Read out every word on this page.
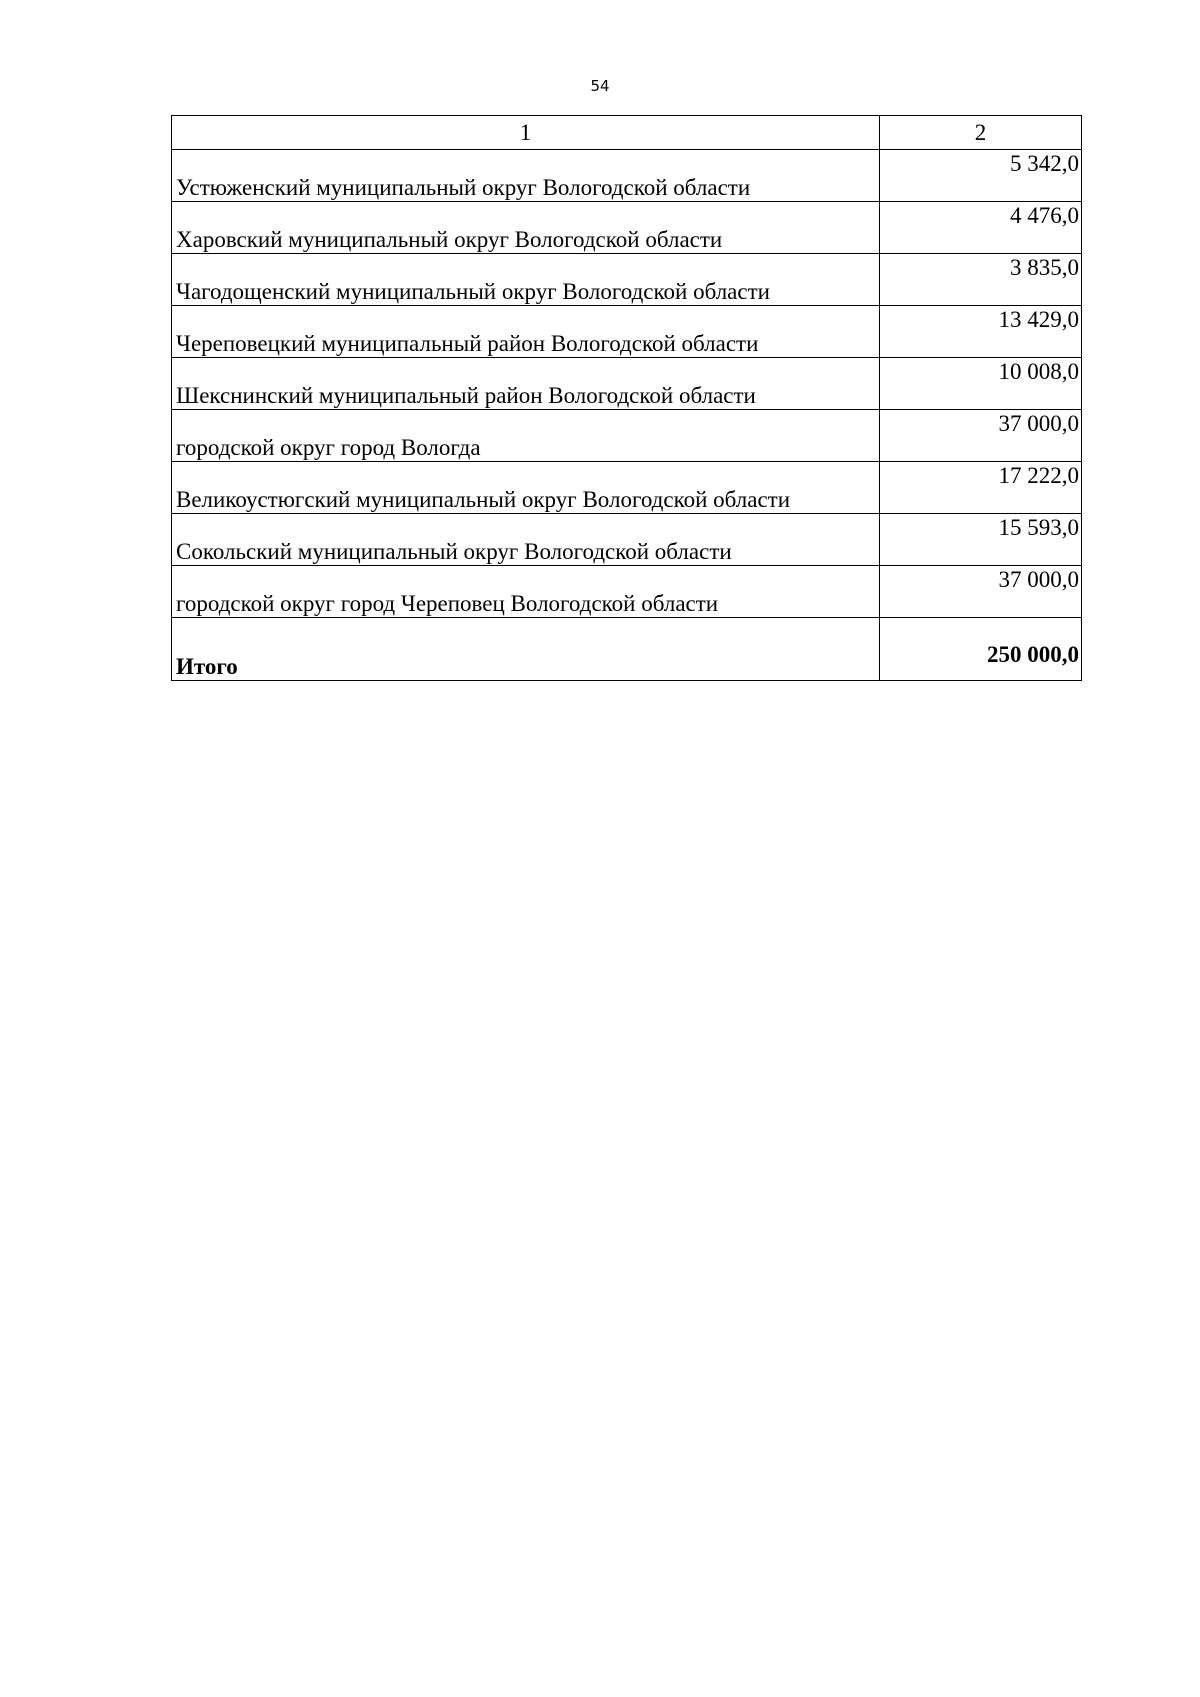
54
1	2
Устюженский муниципальный округ Вологодской области	5 342,0
Харовский муниципальный округ Вологодской области	4 476,0
Чагодощенский муниципальный округ Вологодской области	3 835,0
Череповецкий муниципальный район Вологодской области	13 429,0
Шекснинский муниципальный район Вологодской области	10 008,0
городской округ город Вологда	37 000,0
Великоустюгский муниципальный округ Вологодской области	17 222,0
Сокольский муниципальный округ Вологодской области	15 593,0
городской округ город Череповец Вологодской области	37 000,0
Итого	250 000,0
